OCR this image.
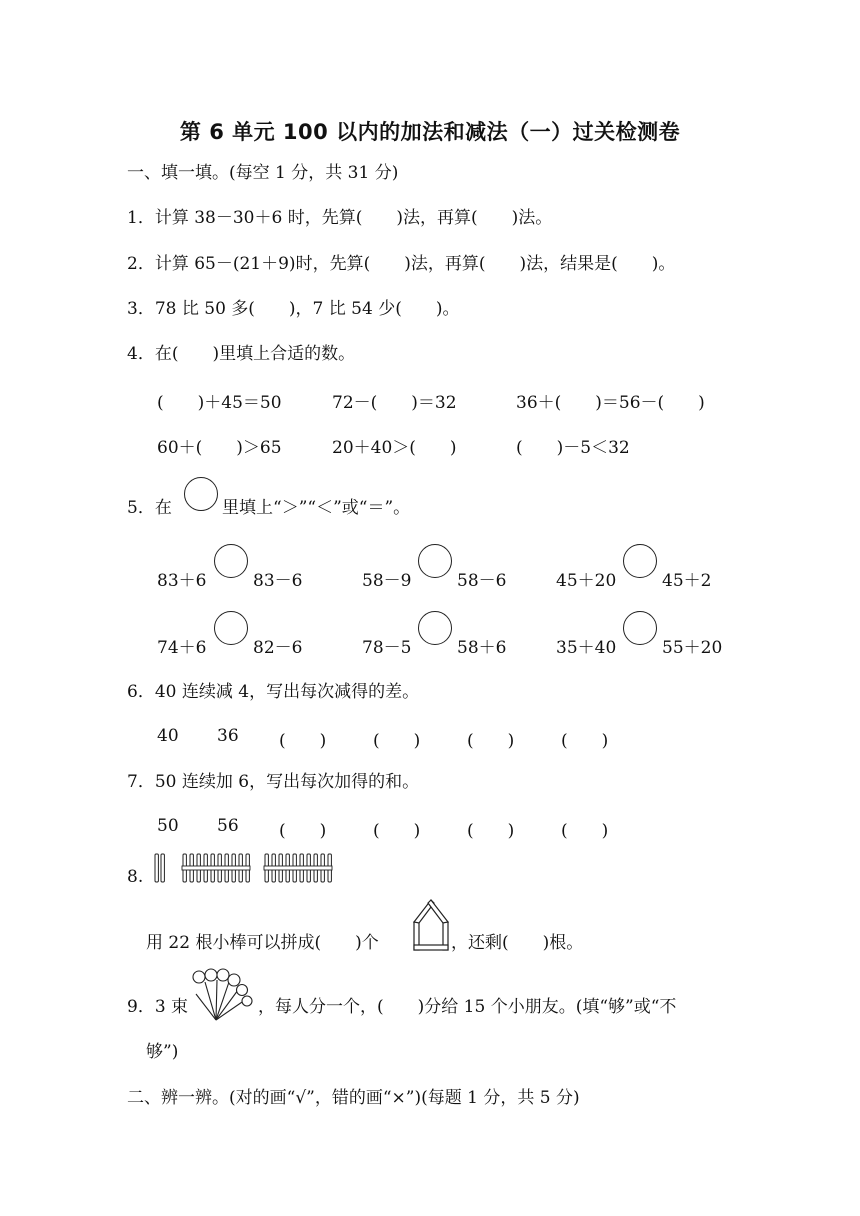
第 6 单元 100 以内的加法和减法（一）过关检测卷
一、填一填。(每空 1 分，共 31 分)
1．计算 38－30＋6 时，先算(　　)法，再算(　　)法。
2．计算 65－(21＋9)时，先算(　　)法，再算(　　)法，结果是(　　)。
3．78 比 50 多(　　)，7 比 54 少(　　)。
4．在(　　)里填上合适的数。
(　　)＋45＝50	72－(　　)＝32	36＋(　　)＝56－(　　)
60＋(　　)＞65	20＋40＞(　　)	(　　)－5＜32
5．在	里填上“＞”“＜”或“＝”。
83＋6	83－6	58－9	58－6	45＋20	45＋2
74＋6	82－6	78－5	58＋6	35＋40	55＋20
6．40 连续减 4，写出每次减得的差。
40 36 (　　)	(　　)	(　　)	(　　)
7．50 连续加 6，写出每次加得的和。
50 56 (　　)	(　　)	(　　)	(　　)
8.
用 22 根小棒可以拼成(　　)个	，还剩(　　)根。
9．3 束	，每人分一个，(　　)分给 15 个小朋友。(填“够”或“不
够”)
二、辨一辨。(对的画“√”，错的画“×”)(每题 1 分，共 5 分)
